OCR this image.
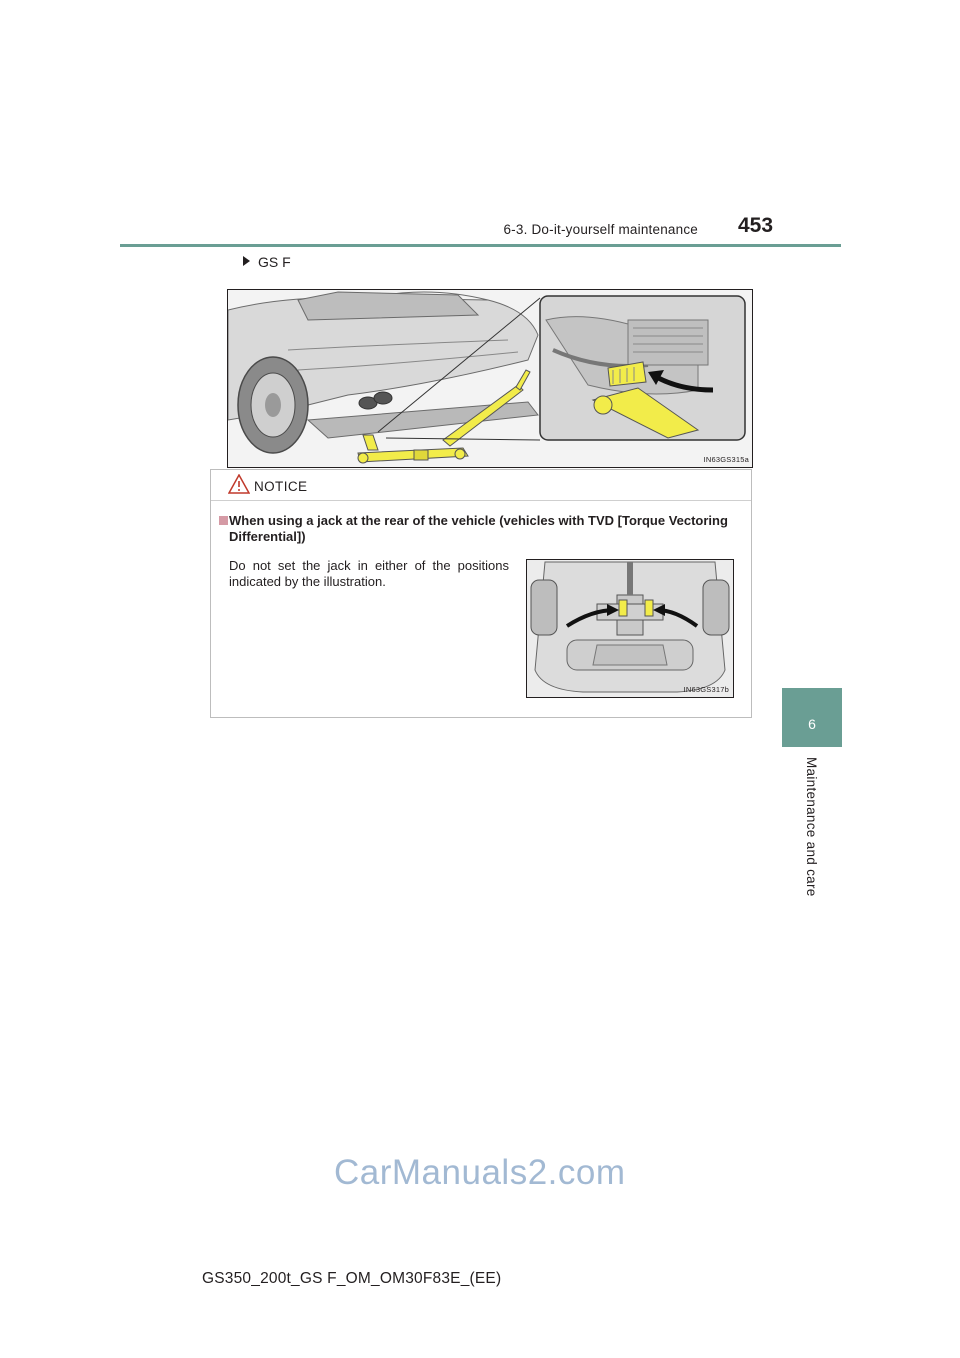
6-3. Do-it-yourself maintenance 453
6
Maintenance and care
GS F
IN63GS315a
NOTICE
When using a jack at the rear of the vehicle (vehicles with TVD [Torque Vectoring Differential])
Do not set the jack in either of the positions indicated by the illustration.
IN63GS317b
CarManuals2.com
GS350_200t_GS F_OM_OM30F83E_(EE)
